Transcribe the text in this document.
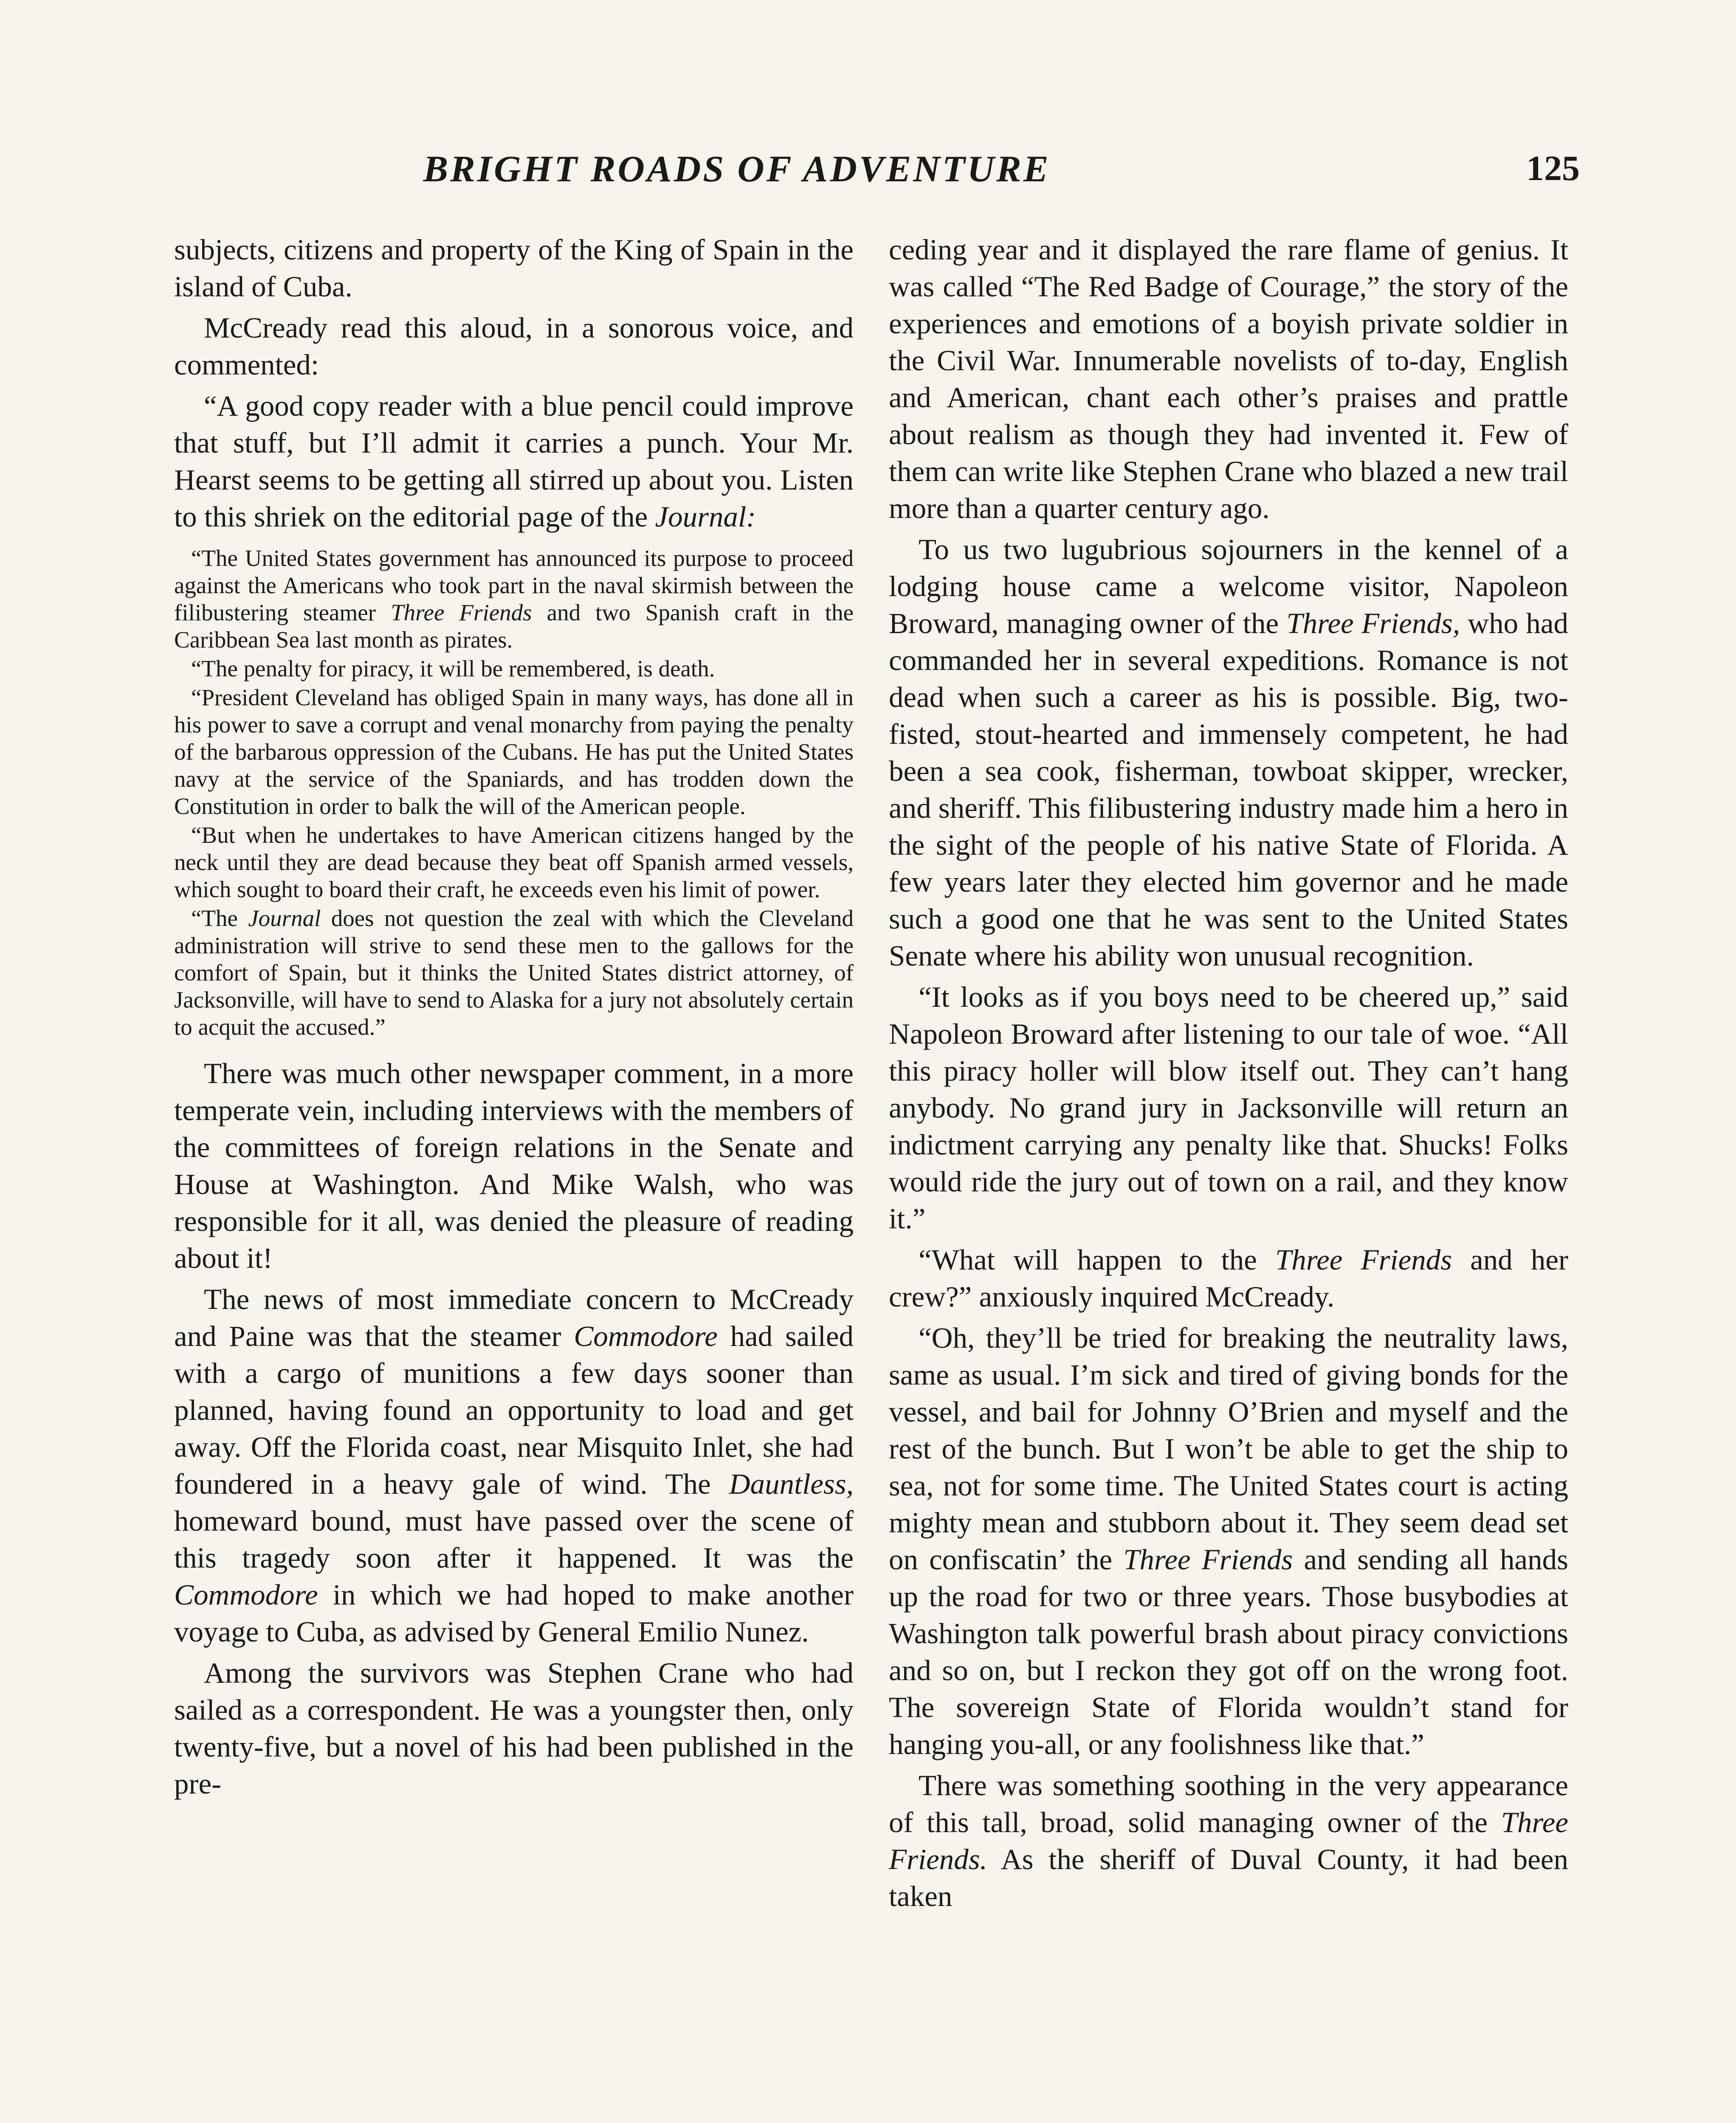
BRIGHT ROADS OF ADVENTURE	125

subjects, citizens and property of the King of Spain in the island of Cuba.

McCready read this aloud, in a sonorous voice, and commented:

“A good copy reader with a blue pencil could improve that stuff, but I’ll admit it carries a punch. Your Mr. Hearst seems to be getting all stirred up about you. Listen to this shriek on the editorial page of the Journal:

“The United States government has announced its purpose to proceed against the Americans who took part in the naval skirmish between the filibustering steamer Three Friends and two Spanish craft in the Caribbean Sea last month as pirates.

“The penalty for piracy, it will be remembered, is death.

“President Cleveland has obliged Spain in many ways, has done all in his power to save a corrupt and venal monarchy from paying the penalty of the barbarous oppression of the Cubans. He has put the United States navy at the service of the Spaniards, and has trodden down the Constitution in order to balk the will of the American people.

“But when he undertakes to have American citizens hanged by the neck until they are dead because they beat off Spanish armed vessels, which sought to board their craft, he exceeds even his limit of power.

“The Journal does not question the zeal with which the Cleveland administration will strive to send these men to the gallows for the comfort of Spain, but it thinks the United States district attorney, of Jacksonville, will have to send to Alaska for a jury not absolutely certain to acquit the accused.”

There was much other newspaper comment, in a more temperate vein, including interviews with the members of the committees of foreign relations in the Senate and House at Washington. And Mike Walsh, who was responsible for it all, was denied the pleasure of reading about it!

The news of most immediate concern to McCready and Paine was that the steamer Commodore had sailed with a cargo of munitions a few days sooner than planned, having found an opportunity to load and get away. Off the Florida coast, near Misquito Inlet, she had foundered in a heavy gale of wind. The Dauntless, homeward bound, must have passed over the scene of this tragedy soon after it happened. It was the Commodore in which we had hoped to make another voyage to Cuba, as advised by General Emilio Nunez.

Among the survivors was Stephen Crane who had sailed as a correspondent. He was a youngster then, only twenty-five, but a novel of his had been published in the pre-

ceding year and it displayed the rare flame of genius. It was called “The Red Badge of Courage,” the story of the experiences and emotions of a boyish private soldier in the Civil War. Innumerable novelists of to-day, English and American, chant each other’s praises and prattle about realism as though they had invented it. Few of them can write like Stephen Crane who blazed a new trail more than a quarter century ago.

To us two lugubrious sojourners in the kennel of a lodging house came a welcome visitor, Napoleon Broward, managing owner of the Three Friends, who had commanded her in several expeditions. Romance is not dead when such a career as his is possible. Big, two-fisted, stout-hearted and immensely competent, he had been a sea cook, fisherman, towboat skipper, wrecker, and sheriff. This filibustering industry made him a hero in the sight of the people of his native State of Florida. A few years later they elected him governor and he made such a good one that he was sent to the United States Senate where his ability won unusual recognition.

“It looks as if you boys need to be cheered up,” said Napoleon Broward after listening to our tale of woe. “All this piracy holler will blow itself out. They can’t hang anybody. No grand jury in Jacksonville will return an indictment carrying any penalty like that. Shucks! Folks would ride the jury out of town on a rail, and they know it.”

“What will happen to the Three Friends and her crew?” anxiously inquired McCready.

“Oh, they’ll be tried for breaking the neutrality laws, same as usual. I’m sick and tired of giving bonds for the vessel, and bail for Johnny O’Brien and myself and the rest of the bunch. But I won’t be able to get the ship to sea, not for some time. The United States court is acting mighty mean and stubborn about it. They seem dead set on confiscatin’ the Three Friends and sending all hands up the road for two or three years. Those busybodies at Washington talk powerful brash about piracy convictions and so on, but I reckon they got off on the wrong foot. The sovereign State of Florida wouldn’t stand for hanging you-all, or any foolishness like that.”

There was something soothing in the very appearance of this tall, broad, solid managing owner of the Three Friends. As the sheriff of Duval County, it had been taken
